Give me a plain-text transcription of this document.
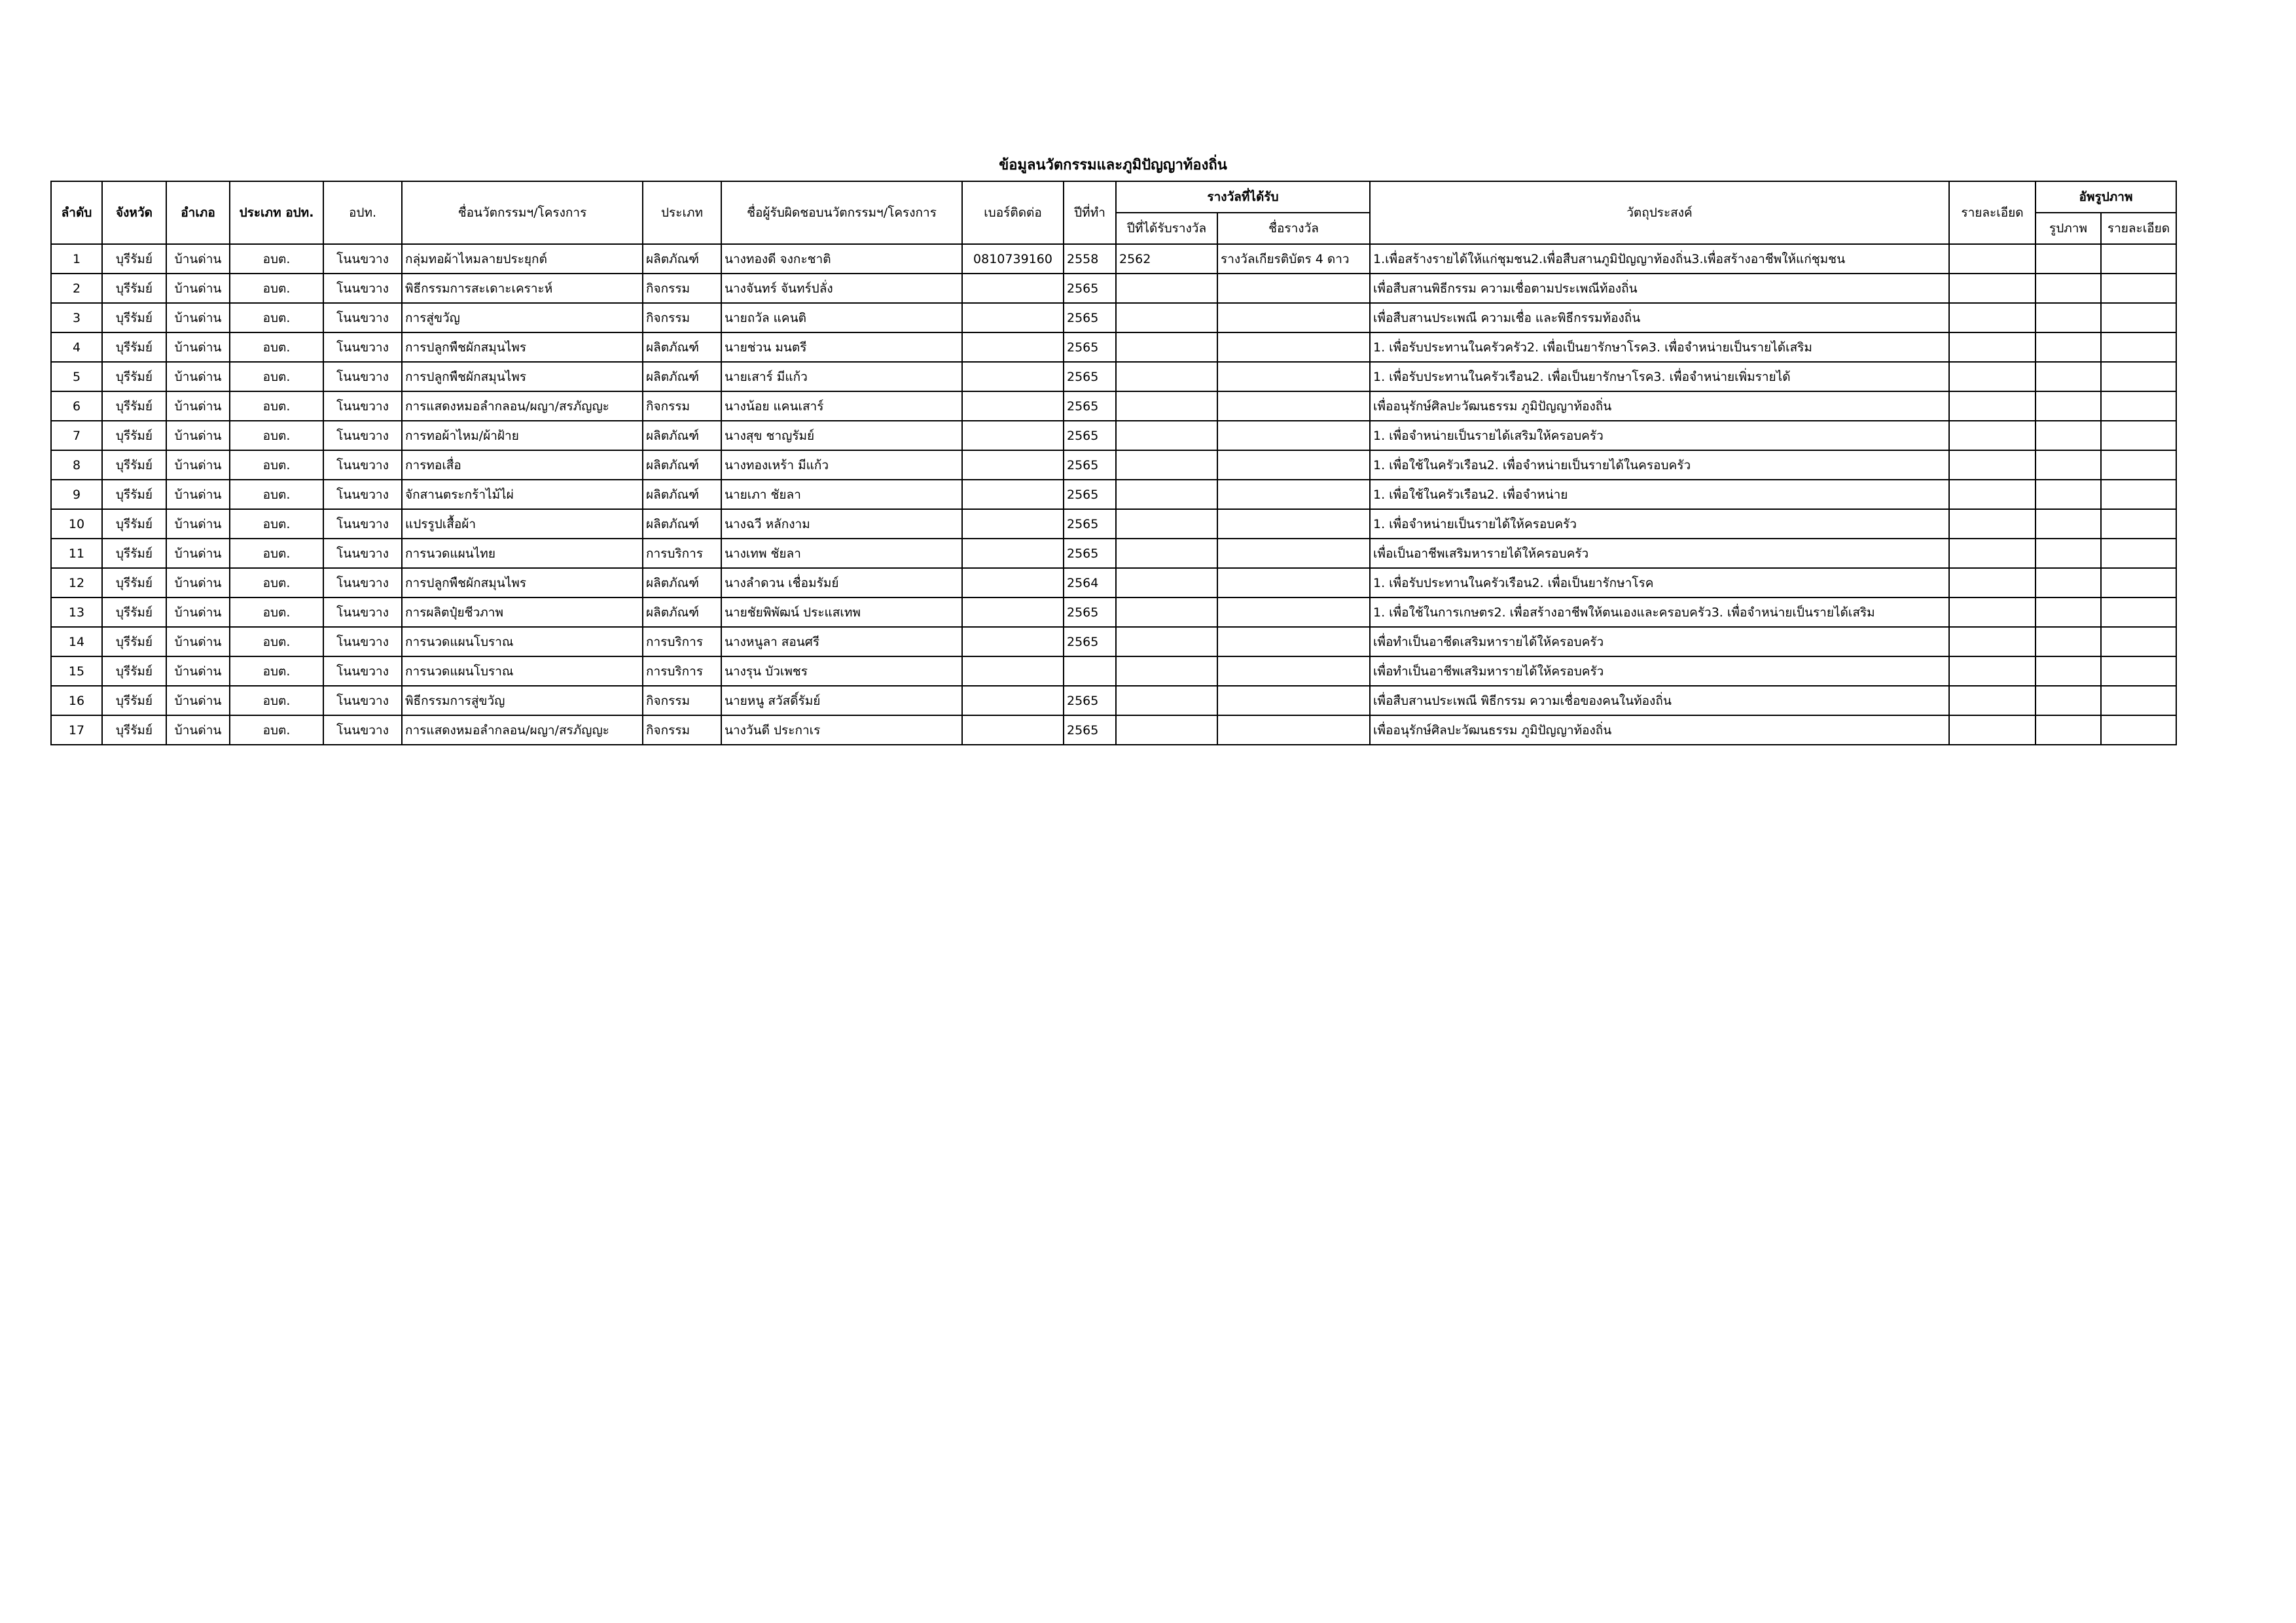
ข้อมูลนวัตกรรมและภูมิปัญญาท้องถิ่น
ลำดับ	จังหวัด	อำเภอ	ประเภท อปท.	อปท.	ชื่อนวัตกรรมฯ/โครงการ	ประเภท	ชื่อผู้รับผิดชอบนวัตกรรมฯ/โครงการ	เบอร์ติดต่อ	ปีที่ทำ	รางวัลที่ได้รับ		วัตถุประสงค์	รายละเอียด	อัพรูปภาพ	
										ปีที่ได้รับรางวัล	ชื่อรางวัล			รูปภาพ	รายละเอียด
1	บุรีรัมย์	บ้านด่าน	อบต.	โนนขวาง	กลุ่มทอผ้าไหมลายประยุกต์	ผลิตภัณฑ์	นางทองดี จงกะชาติ	0810739160	2558	2562	รางวัลเกียรติบัตร 4 ดาว	1.เพื่อสร้างรายได้ให้แก่ชุมชน2.เพื่อสืบสานภูมิปัญญาท้องถิ่น3.เพื่อสร้างอาชีพให้แก่ชุมชน			
2	บุรีรัมย์	บ้านด่าน	อบต.	โนนขวาง	พิธีกรรมการสะเดาะเคราะห์	กิจกรรม	นางจันทร์ จันทร์ปลั่ง		2565			เพื่อสืบสานพิธีกรรม ความเชื่อตามประเพณีท้องถิ่น			
3	บุรีรัมย์	บ้านด่าน	อบต.	โนนขวาง	การสู่ขวัญ	กิจกรรม	นายถวัล แคนติ		2565			เพื่อสืบสานประเพณี ความเชื่อ และพิธีกรรมท้องถิ่น			
4	บุรีรัมย์	บ้านด่าน	อบต.	โนนขวาง	การปลูกพืชผักสมุนไพร	ผลิตภัณฑ์	นายช่วน มนตรี		2565			1. เพื่อรับประทานในครัวครัว2. เพื่อเป็นยารักษาโรค3. เพื่อจำหน่ายเป็นรายได้เสริม			
5	บุรีรัมย์	บ้านด่าน	อบต.	โนนขวาง	การปลูกพืชผักสมุนไพร	ผลิตภัณฑ์	นายเสาร์ มีแก้ว		2565			1. เพื่อรับประทานในครัวเรือน2. เพื่อเป็นยารักษาโรค3. เพื่อจำหน่ายเพิ่มรายได้			
6	บุรีรัมย์	บ้านด่าน	อบต.	โนนขวาง	การแสดงหมอลำกลอน/ผญา/สรภัญญะ	กิจกรรม	นางน้อย แคนเสาร์		2565			เพื่ออนุรักษ์ศิลปะวัฒนธรรม ภูมิปัญญาท้องถิ่น			
7	บุรีรัมย์	บ้านด่าน	อบต.	โนนขวาง	การทอผ้าไหม/ผ้าฝ้าย	ผลิตภัณฑ์	นางสุข ชาญรัมย์		2565			1. เพื่อจำหน่ายเป็นรายได้เสริมให้ครอบครัว			
8	บุรีรัมย์	บ้านด่าน	อบต.	โนนขวาง	การทอเสื่อ	ผลิตภัณฑ์	นางทองเหร้า มีแก้ว		2565			1. เพื่อใช้ในครัวเรือน2. เพื่อจำหน่ายเป็นรายได้ในครอบครัว			
9	บุรีรัมย์	บ้านด่าน	อบต.	โนนขวาง	จักสานตระกร้าไม้ไผ่	ผลิตภัณฑ์	นายเภา ชัยลา		2565			1. เพื่อใช้ในครัวเรือน2. เพื่อจำหน่าย			
10	บุรีรัมย์	บ้านด่าน	อบต.	โนนขวาง	แปรรูปเสื้อผ้า	ผลิตภัณฑ์	นางฉวี หลักงาม		2565			1. เพื่อจำหน่ายเป็นรายได้ให้ครอบครัว			
11	บุรีรัมย์	บ้านด่าน	อบต.	โนนขวาง	การนวดแผนไทย	การบริการ	นางเทพ ชัยลา		2565			เพื่อเป็นอาชีพเสริมหารายได้ให้ครอบครัว			
12	บุรีรัมย์	บ้านด่าน	อบต.	โนนขวาง	การปลูกพืชผักสมุนไพร	ผลิตภัณฑ์	นางลำดวน เชื่อมรัมย์		2564			1. เพื่อรับประทานในครัวเรือน2. เพื่อเป็นยารักษาโรค			
13	บุรีรัมย์	บ้านด่าน	อบต.	โนนขวาง	การผลิตปุ๋ยชีวภาพ	ผลิตภัณฑ์	นายชัยพิพัฒน์ ประแสเทพ		2565			1. เพื่อใช้ในการเกษตร2. เพื่อสร้างอาชีพให้ตนเองและครอบครัว3. เพื่อจำหน่ายเป็นรายได้เสริม			
14	บุรีรัมย์	บ้านด่าน	อบต.	โนนขวาง	การนวดแผนโบราณ	การบริการ	นางหนูลา สอนศรี		2565			เพื่อทำเป็นอาชีดเสริมหารายได้ให้ครอบครัว			
15	บุรีรัมย์	บ้านด่าน	อบต.	โนนขวาง	การนวดแผนโบราณ	การบริการ	นางรุน บัวเพชร					เพื่อทำเป็นอาชีพเสริมหารายได้ให้ครอบครัว			
16	บุรีรัมย์	บ้านด่าน	อบต.	โนนขวาง	พิธีกรรมการสู่ขวัญ	กิจกรรม	นายหนู สวัสดิ์รัมย์		2565			เพื่อสืบสานประเพณี พิธีกรรม ความเชื่อของคนในท้องถิ่น			
17	บุรีรัมย์	บ้านด่าน	อบต.	โนนขวาง	การแสดงหมอลำกลอน/ผญา/สรภัญญะ	กิจกรรม	นางวันดี ประกาเร		2565			เพื่ออนุรักษ์ศิลปะวัฒนธรรม ภูมิปัญญาท้องถิ่น			
